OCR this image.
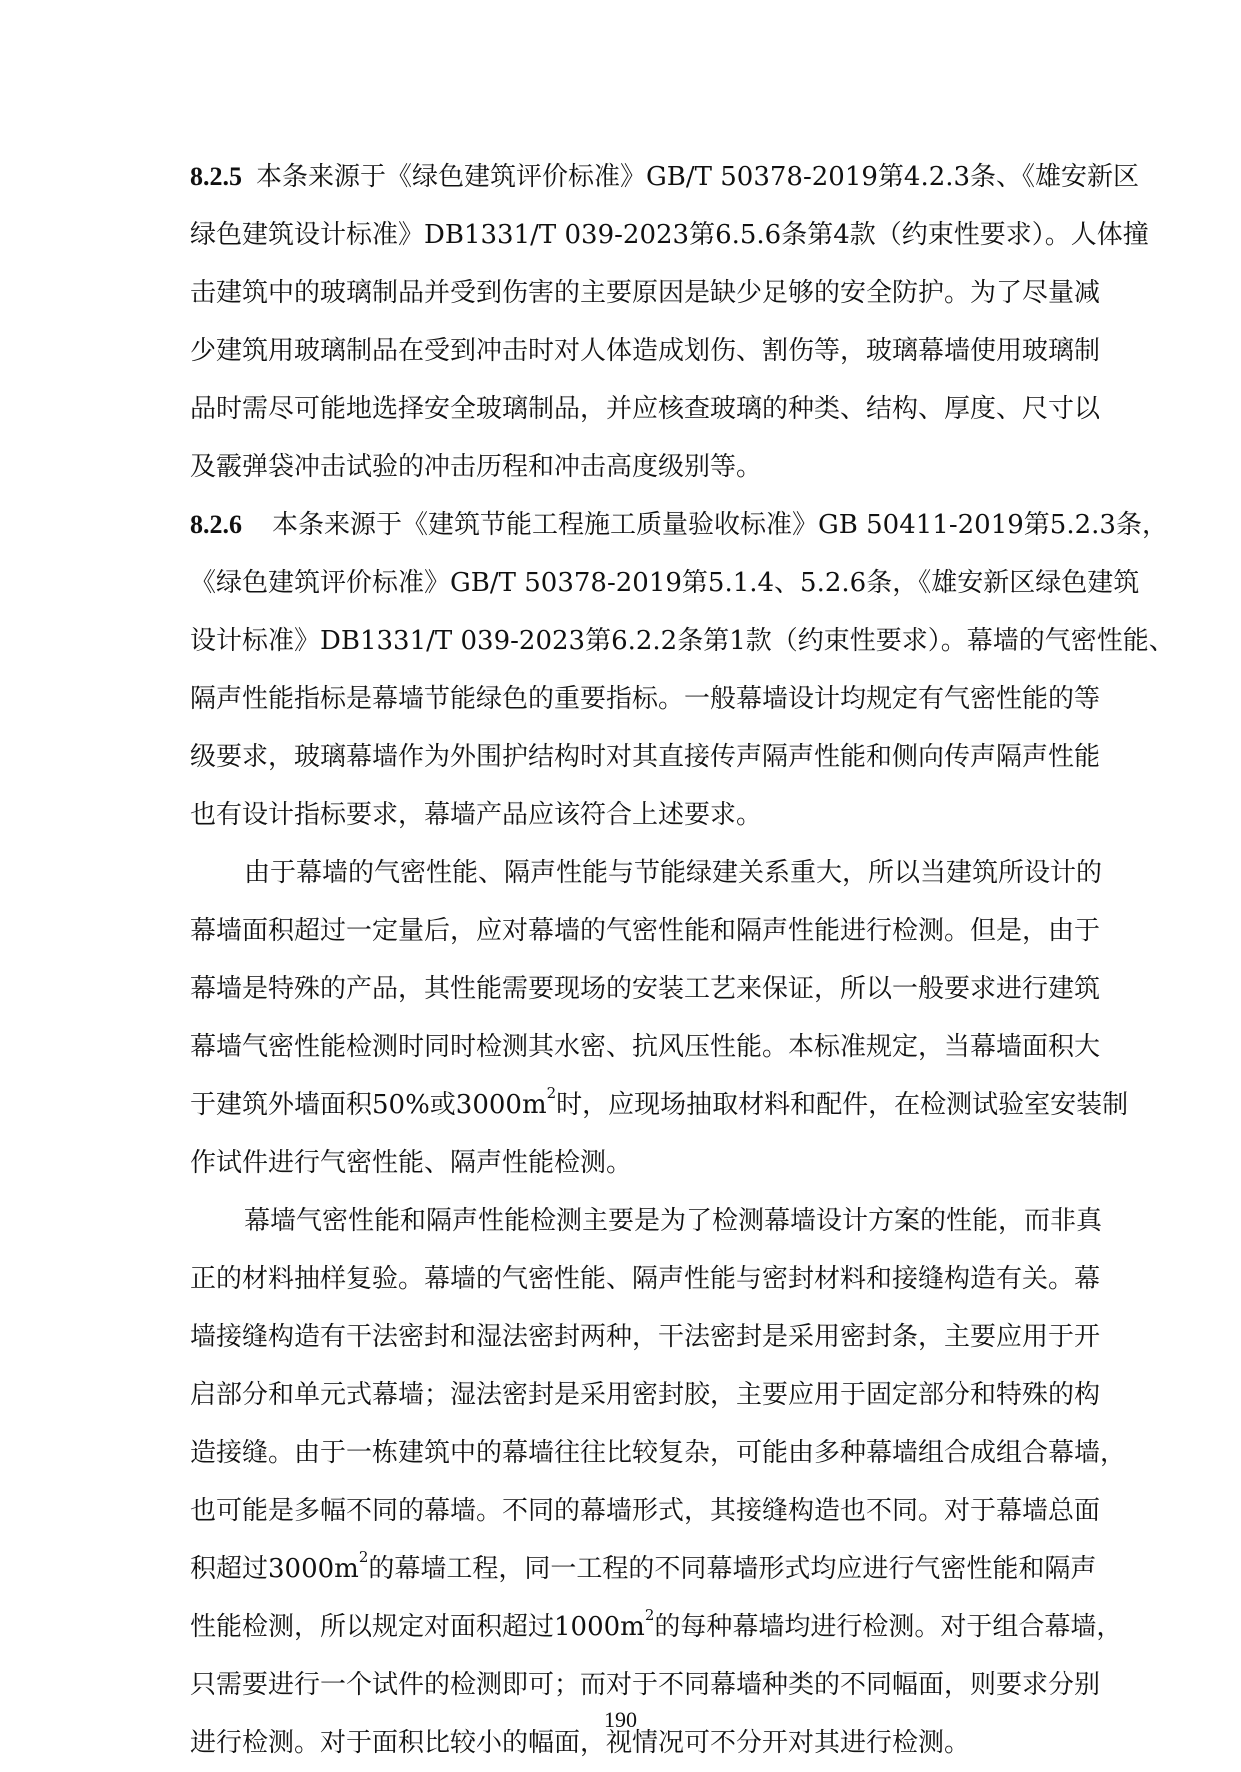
8.2.5 本条来源于《绿色建筑评价标准》GB/T 50378-2019第4.2.3条、《雄安新区
绿色建筑设计标准》DB1331/T 039-2023第6.5.6条第4款（约束性要求）。人体撞
击建筑中的玻璃制品并受到伤害的主要原因是缺少足够的安全防护。为了尽量减
少建筑用玻璃制品在受到冲击时对人体造成划伤、割伤等，玻璃幕墙使用玻璃制
品时需尽可能地选择安全玻璃制品，并应核查玻璃的种类、结构、厚度、尺寸以
及霰弹袋冲击试验的冲击历程和冲击高度级别等。
8.2.6 本条来源于《建筑节能工程施工质量验收标准》GB 50411-2019第5.2.3条，
《绿色建筑评价标准》GB/T 50378-2019第5.1.4、5.2.6条，《雄安新区绿色建筑
设计标准》DB1331/T 039-2023第6.2.2条第1款（约束性要求）。幕墙的气密性能、
隔声性能指标是幕墙节能绿色的重要指标。一般幕墙设计均规定有气密性能的等
级要求，玻璃幕墙作为外围护结构时对其直接传声隔声性能和侧向传声隔声性能
也有设计指标要求，幕墙产品应该符合上述要求。
由于幕墙的气密性能、隔声性能与节能绿建关系重大，所以当建筑所设计的
幕墙面积超过一定量后，应对幕墙的气密性能和隔声性能进行检测。但是，由于
幕墙是特殊的产品，其性能需要现场的安装工艺来保证，所以一般要求进行建筑
幕墙气密性能检测时同时检测其水密、抗风压性能。本标准规定，当幕墙面积大
于建筑外墙面积50%或$3000m^2$ 时，应现场抽取材料和配件，在检测试验室安装制
作试件进行气密性能、隔声性能检测。
幕墙气密性能和隔声性能检测主要是为了检测幕墙设计方案的性能，而非真
正的材料抽样复验。幕墙的气密性能、隔声性能与密封材料和接缝构造有关。幕
墙接缝构造有干法密封和湿法密封两种，干法密封是采用密封条，主要应用于开
启部分和单元式幕墙；湿法密封是采用密封胶，主要应用于固定部分和特殊的构
造接缝。由于一栋建筑中的幕墙往往比较复杂，可能由多种幕墙组合成组合幕墙，
也可能是多幅不同的幕墙。不同的幕墙形式，其接缝构造也不同。对于幕墙总面
190
积超过$3000m^2$ 的幕墙工程，同一工程的不同幕墙形式均应进行气密性能和隔声
性能检测，所以规定对面积超过$1000m^2$ 的每种幕墙均进行检测。对于组合幕墙，
只需要进行一个试件的检测即可；而对于不同幕墙种类的不同幅面，则要求分别
进行检测。对于面积比较小的幅面，视情况可不分开对其进行检测。
